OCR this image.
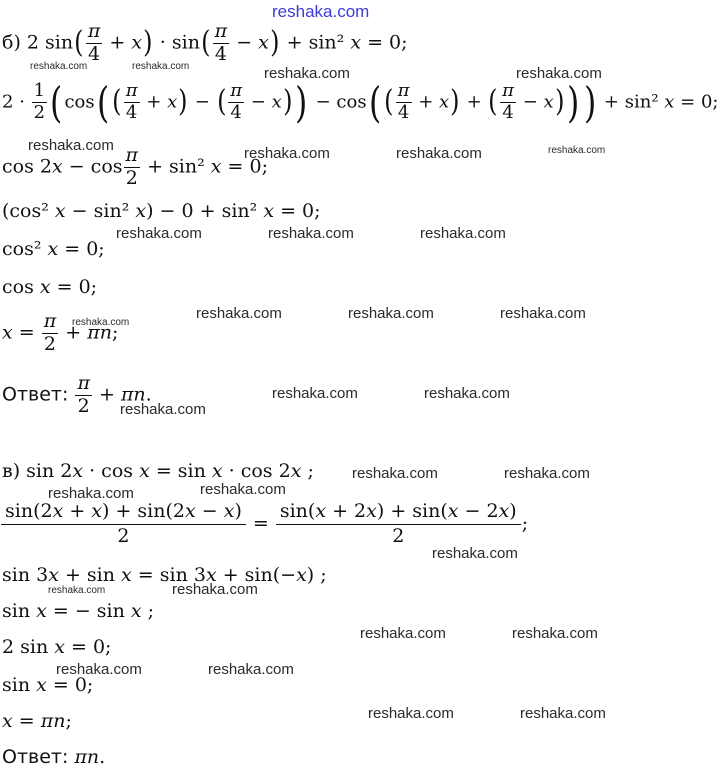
reshaka.com
б) 2 $\sin( \frac{\pi}{4} + x) \cdot \sin( \frac{\pi}{4} - x) + \sin^2$ x = 0;
$2 \cdot \frac{1}{2}$ ( cos( ( $\frac{\pi}{4} + x$) − ( $\frac{\pi}{4} - x)) - \cos$( ( $\frac{\pi}{4} + x$) + ( $\frac{\pi}{4} - x))) + \sin^2$ x = 0;
$\cos 2x - \cos \frac{\pi}{2} + \sin^2$ x = 0;
(cos² x − sin² x) − 0 + sin² x = 0;
cos² x = 0;
cos x = 0;
$x = \frac{\pi}{2} + \pi n$;
Ответ: $\frac{\pi}{2} + \pi n$.
в) sin 2x · cos x = sin x · cos 2x ;
$\frac{\sin(2x + x) + \sin(2x - x)}{2} = \frac{\sin(x + 2x) + \sin(x - 2x)}{2}$ ;
sin 3x + sin x = sin 3x + sin(−x) ;
sin x = − sin x ;
2 sin x = 0;
sin x = 0;
x = πn;
Ответ: πn.
reshaka.com	reshaka.com	reshaka.com	reshaka.com
reshaka.com	reshaka.com	reshaka.com	reshaka.com
reshaka.com	reshaka.com	reshaka.com
reshaka.com
reshaka.com	reshaka.com	reshaka.com
reshaka.com	reshaka.com
reshaka.com
reshaka.com	reshaka.com
reshaka.com	reshaka.com
reshaka.com
reshaka.com	reshaka.com
reshaka.com	reshaka.com
reshaka.com	reshaka.com
reshaka.com	reshaka.com
